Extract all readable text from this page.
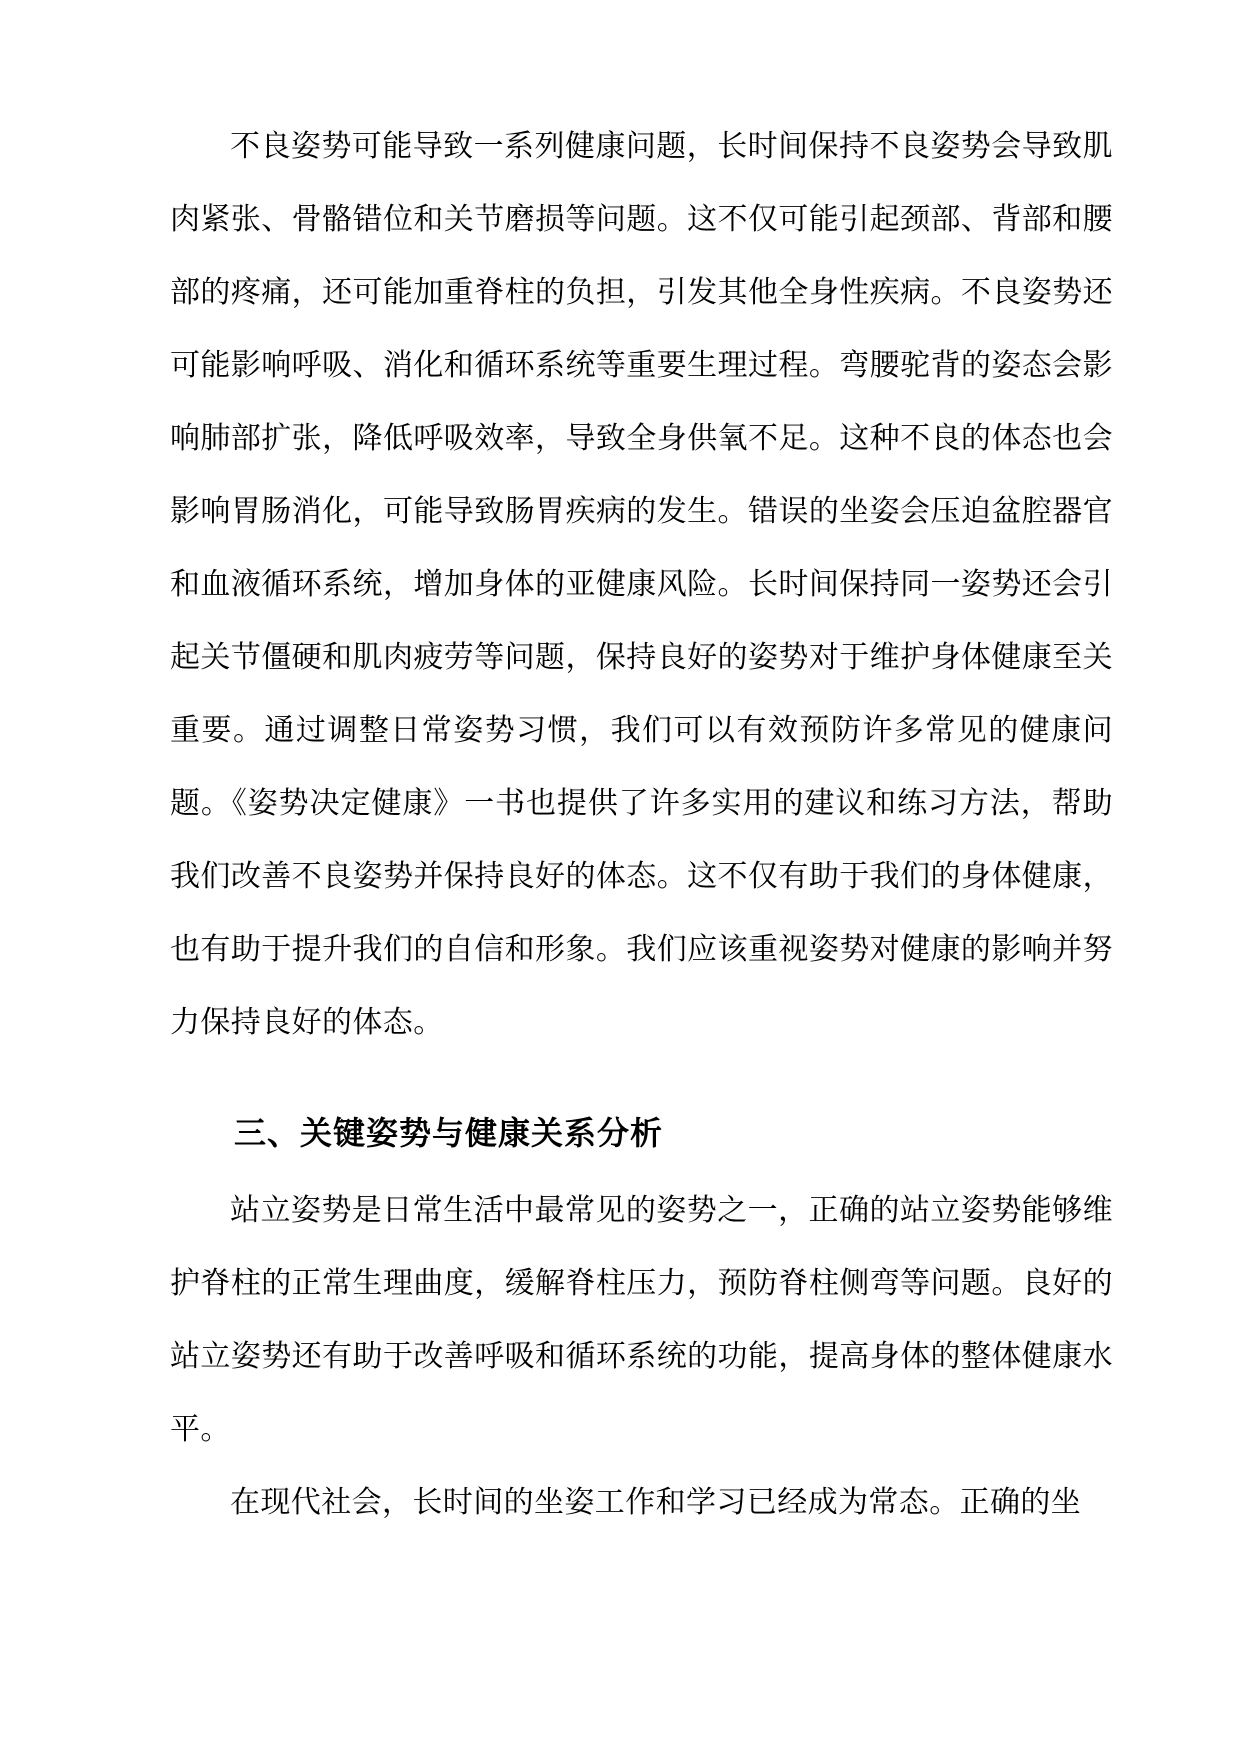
不良姿势可能导致一系列健康问题，长时间保持不良姿势会导致肌肉紧张、骨骼错位和关节磨损等问题。这不仅可能引起颈部、背部和腰部的疼痛，还可能加重脊柱的负担，引发其他全身性疾病。不良姿势还可能影响呼吸、消化和循环系统等重要生理过程。弯腰驼背的姿态会影响肺部扩张，降低呼吸效率，导致全身供氧不足。这种不良的体态也会影响胃肠消化，可能导致肠胃疾病的发生。错误的坐姿会压迫盆腔器官和血液循环系统，增加身体的亚健康风险。长时间保持同一姿势还会引起关节僵硬和肌肉疲劳等问题，保持良好的姿势对于维护身体健康至关重要。通过调整日常姿势习惯，我们可以有效预防许多常见的健康问题。《姿势决定健康》一书也提供了许多实用的建议和练习方法，帮助我们改善不良姿势并保持良好的体态。这不仅有助于我们的身体健康，也有助于提升我们的自信和形象。我们应该重视姿势对健康的影响并努力保持良好的体态。

三、关键姿势与健康关系分析

站立姿势是日常生活中最常见的姿势之一，正确的站立姿势能够维护脊柱的正常生理曲度，缓解脊柱压力，预防脊柱侧弯等问题。良好的站立姿势还有助于改善呼吸和循环系统的功能，提高身体的整体健康水平。

在现代社会，长时间的坐姿工作和学习已经成为常态。正确的坐
